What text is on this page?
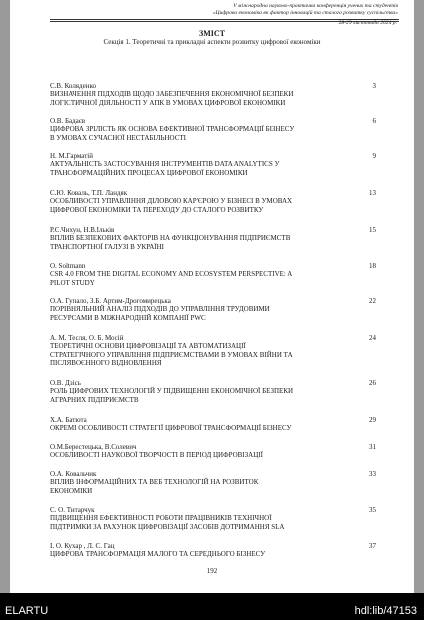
V міжнародна науково-практична конференція учених та студентів
«Цифрова економіка як фактор інновацій та сталого розвитку суспільства»
28-29 листопада 2024 р.
ЗМІСТ
Секція 1. Теоретичні та прикладні аспекти розвитку цифрової економіки
С.В. Коляденко
ВИЗНАЧЕННЯ ПІДХОДІВ ЩОДО ЗАБЕЗПЕЧЕННЯ ЕКОНОМІЧНОЇ БЕЗПЕКИ
ЛОГІСТИЧНОЇ ДІЯЛЬНОСТІ У АПК В УМОВАХ ЦИФРОВОЇ ЕКОНОМІКИ
3
О.В. Бадаєв
ЦИФРОВА ЗРІЛІСТЬ ЯК ОСНОВА ЕФЕКТИВНОЇ ТРАНСФОРМАЦІЇ БІЗНЕСУ
В УМОВАХ СУЧАСНОЇ НЕСТАБІЛЬНОСТІ
6
Н. М.Гарматій
АКТУАЛЬНІСТЬ ЗАСТОСУВАННЯ ІНСТРУМЕНТІВ DATA ANALYTICS У
ТРАНСФОРМАЦІЙНИХ ПРОЦЕСАХ ЦИФРОВОЇ ЕКОНОМІКИ
9
С.Ю. Коваль, Т.П. Ландяк
ОСОБЛИВОСТІ УПРАВЛІННЯ ДІЛОВОЮ КАР'ЄРОЮ У БІЗНЕСІ В УМОВАХ
ЦИФРОВОЇ ЕКОНОМІКИ ТА ПЕРЕХОДУ ДО СТАЛОГО РОЗВИТКУ
13
Р.С.Чихун, Н.В.Ількiв
ВПЛИВ БЕЗПЕКОВИХ ФАКТОРІВ НА ФУНКЦІОНУВАННЯ ПІДПРИЄМСТВ
ТРАНСПОРТНОЇ ГАЛУЗІ В УКРАЇНІ
15
O. Soltmann
CSR 4.0 FROM THE DIGITAL ECONOMY AND ECOSYSTEM PERSPECTIVE: A
PILOT STUDY
18
О.А. Гупало, З.Б. Артим-Дрогомирецька
ПОРІВНЯЛЬНИЙ АНАЛІЗ ПІДХОДІВ ДО УПРАВЛІННЯ ТРУДОВИМИ
РЕСУРСАМИ В МІЖНАРОДНІЙ КОМПАНІЇ PWC
22
А. М. Тесля, О. Б. Мосій
ТЕОРЕТИЧНІ ОСНОВИ ЦИФРОВІЗАЦІЇ ТА АВТОМАТИЗАЦІЇ
СТРАТЕГІЧНОГО УПРАВЛІННЯ ПІДПРИЄМСТВАМИ В УМОВАХ ВІЙНИ ТА
ПІСЛЯВОЄННОГО ВІДНОВЛЕННЯ
24
О.В. Дзісь
РОЛЬ ЦИФРОВИХ ТЕХНОЛОГІЙ У ПІДВИЩЕННІ ЕКОНОМІЧНОЇ БЕЗПЕКИ
АГРАРНИХ ПІДПРИЄМСТВ
26
Х.А. Батюта
ОКРЕМІ ОСОБЛИВОСТІ СТРАТЕГІЇ ЦИФРОВОЇ ТРАНСФОРМАЦІЇ БІЗНЕСУ
29
О.М.Берестецька, В.Солевич
ОСОБЛИВОСТІ НАУКОВОЇ ТВОРЧОСТІ В ПЕРІОД ЦИФРОВІЗАЦІЇ
31
О.А. Ковальчик
ВПЛИВ ІНФОРМАЦІЙНИХ ТА ВЕБ ТЕХНОЛОГІЙ НА РОЗВИТОК
ЕКОНОМІКИ
33
С. О. Титарчук
ПІДВИЩЕННЯ ЕФЕКТИВНОСТІ РОБОТИ ПРАЦІВНИКІВ ТЕХНІЧНОЇ
ПІДТРИМКИ ЗА РАХУНОК ЦИФРОВІЗАЦІЇ ЗАСОБІВ ДОТРИМАННЯ SLA
35
І. О. Кухар , Л. С. Гац
ЦИФРОВА ТРАНСФОРМАЦІЯ МАЛОГО ТА СЕРЕДНЬОГО БІЗНЕСУ
37
192
ELARTU	hdl:lib/47153
